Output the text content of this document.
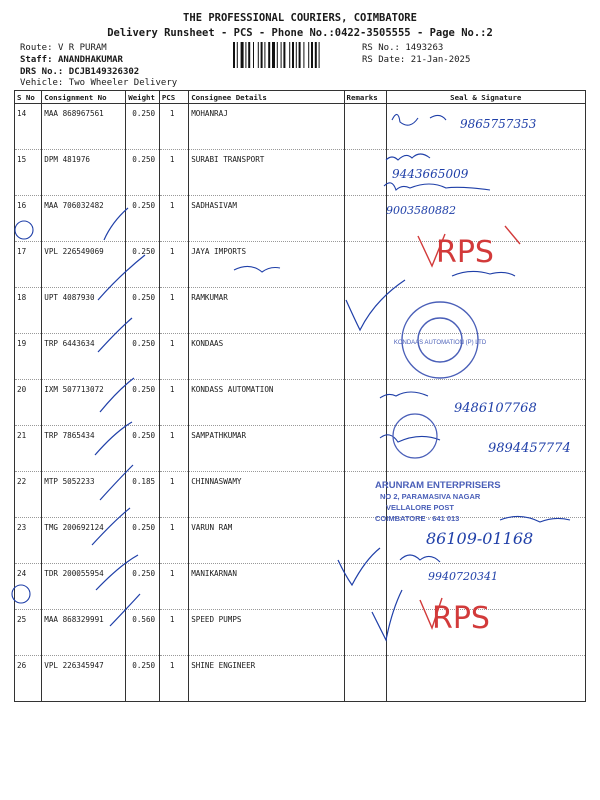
THE PROFESSIONAL COURIERS, COIMBATORE
Delivery Runsheet - PCS - Phone No.:0422-3505555 - Page No.:2
Route: V R PURAM
Staff: ANANDHAKUMAR
DRS No.: DCJB149326302
Vehicle: Two Wheeler Delivery
RS No.: 1493263
RS Date: 21-Jan-2025
S No	Consignment No	Weight	PCS	Consignee Details	Remarks	Seal & Signature
14	MAA 868967561	0.250	1	MOHANRAJ		
15	DPM 481976	0.250	1	SURABI TRANSPORT		
16	MAA 706032482	0.250	1	SADHASIVAM		
17	VPL 226549069	0.250	1	JAYA IMPORTS		
18	UPT 4087930	0.250	1	RAMKUMAR		
19	TRP 6443634	0.250	1	KONDAAS		
20	IXM 507713072	0.250	1	KONDASS AUTOMATION		
21	TRP 7865434	0.250	1	SAMPATHKUMAR		
22	MTP 5052233	0.185	1	CHINNASWAMY		
23	TMG 200692124	0.250	1	VARUN RAM		
24	TDR 200055954	0.250	1	MANIKARNAN		
25	MAA 868329991	0.560	1	SPEED PUMPS		
26	VPL 226345947	0.250	1	SHINE ENGINEER		
KONDAAS AUTOMATION (P) LTD
ARUNRAM ENTERPRISERS
NO 2, PARAMASIVA NAGAR
VELLALORE POST
COIMBATORE - 641 013
9865757353
9443665009
9003580882
9486107768
9894457774
86109-01168
9940720341
RPS
RPS
